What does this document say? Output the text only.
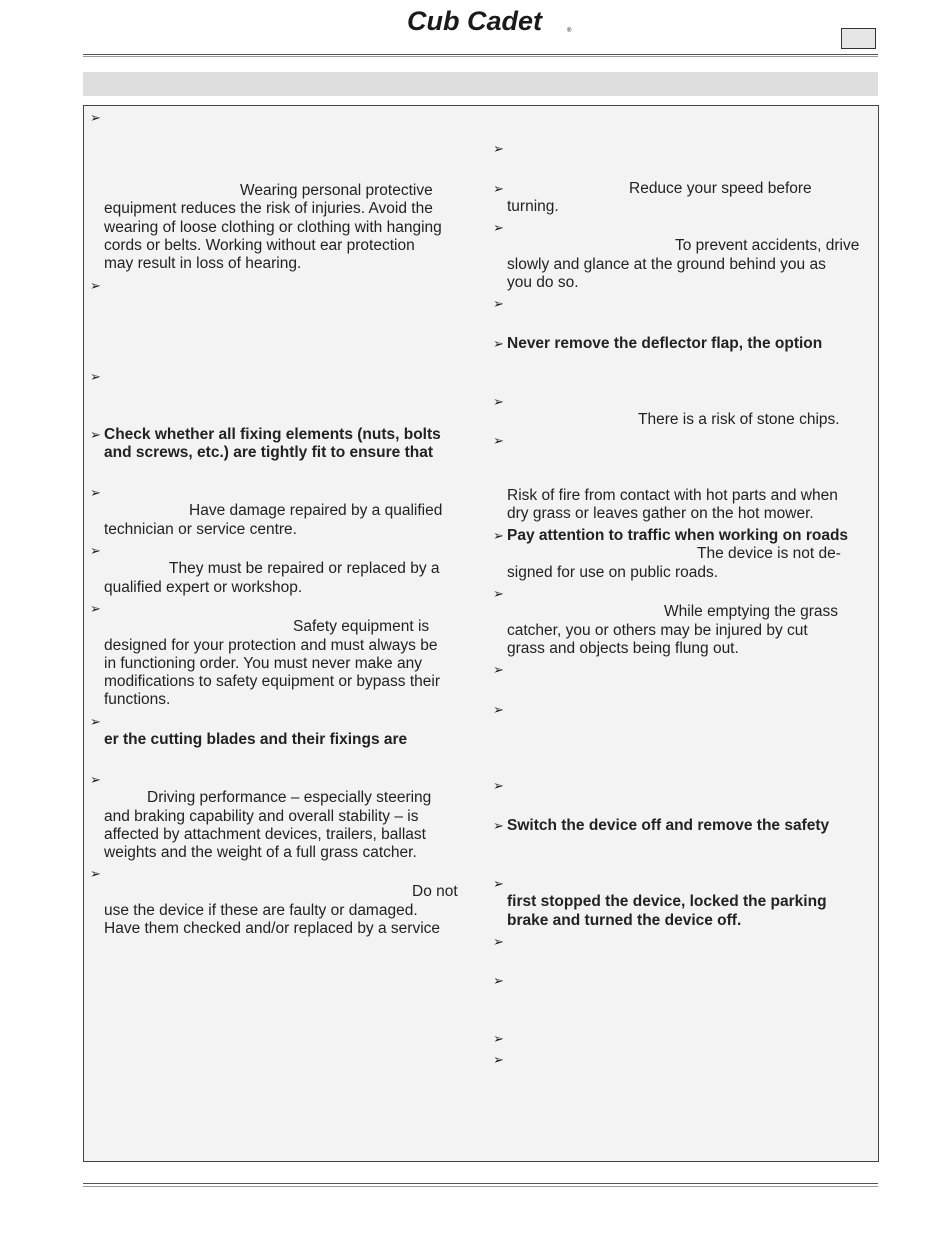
Cub Cadet	®
➢
Wearing personal protective
equipment reduces the risk of injuries. Avoid the
wearing of loose clothing or clothing with hanging
cords or belts. Working without ear protection
may result in loss of hearing.
➢
➢
➢ Check whether all fixing elements (nuts, bolts
and screws, etc.) are tightly fit to ensure that
➢
Have damage repaired by a qualified
technician or service centre.
➢
They must be repaired or replaced by a
qualified expert or workshop.
➢
Safety equipment is
designed for your protection and must always be
in functioning order. You must never make any
modifications to safety equipment or bypass their
functions.
➢
er the cutting blades and their fixings are
➢
Driving performance – especially steering
and braking capability and overall stability – is
affected by attachment devices, trailers, ballast
weights and the weight of a full grass catcher.
➢
Do not
use the device if these are faulty or damaged.
Have them checked and/or replaced by a service
➢
➢	Reduce your speed before
turning.
➢
To prevent accidents, drive
slowly and glance at the ground behind you as
you do so.
➢
➢ Never remove the deflector flap, the option
➢
There is a risk of stone chips.
➢
Risk of fire from contact with hot parts and when
dry grass or leaves gather on the hot mower.
➢ Pay attention to traffic when working on roads
The device is not de-
signed for use on public roads.
➢
While emptying the grass
catcher, you or others may be injured by cut
grass and objects being flung out.
➢
➢
➢
➢ Switch the device off and remove the safety
➢
first stopped the device, locked the parking
brake and turned the device off.
➢
➢
➢
➢
